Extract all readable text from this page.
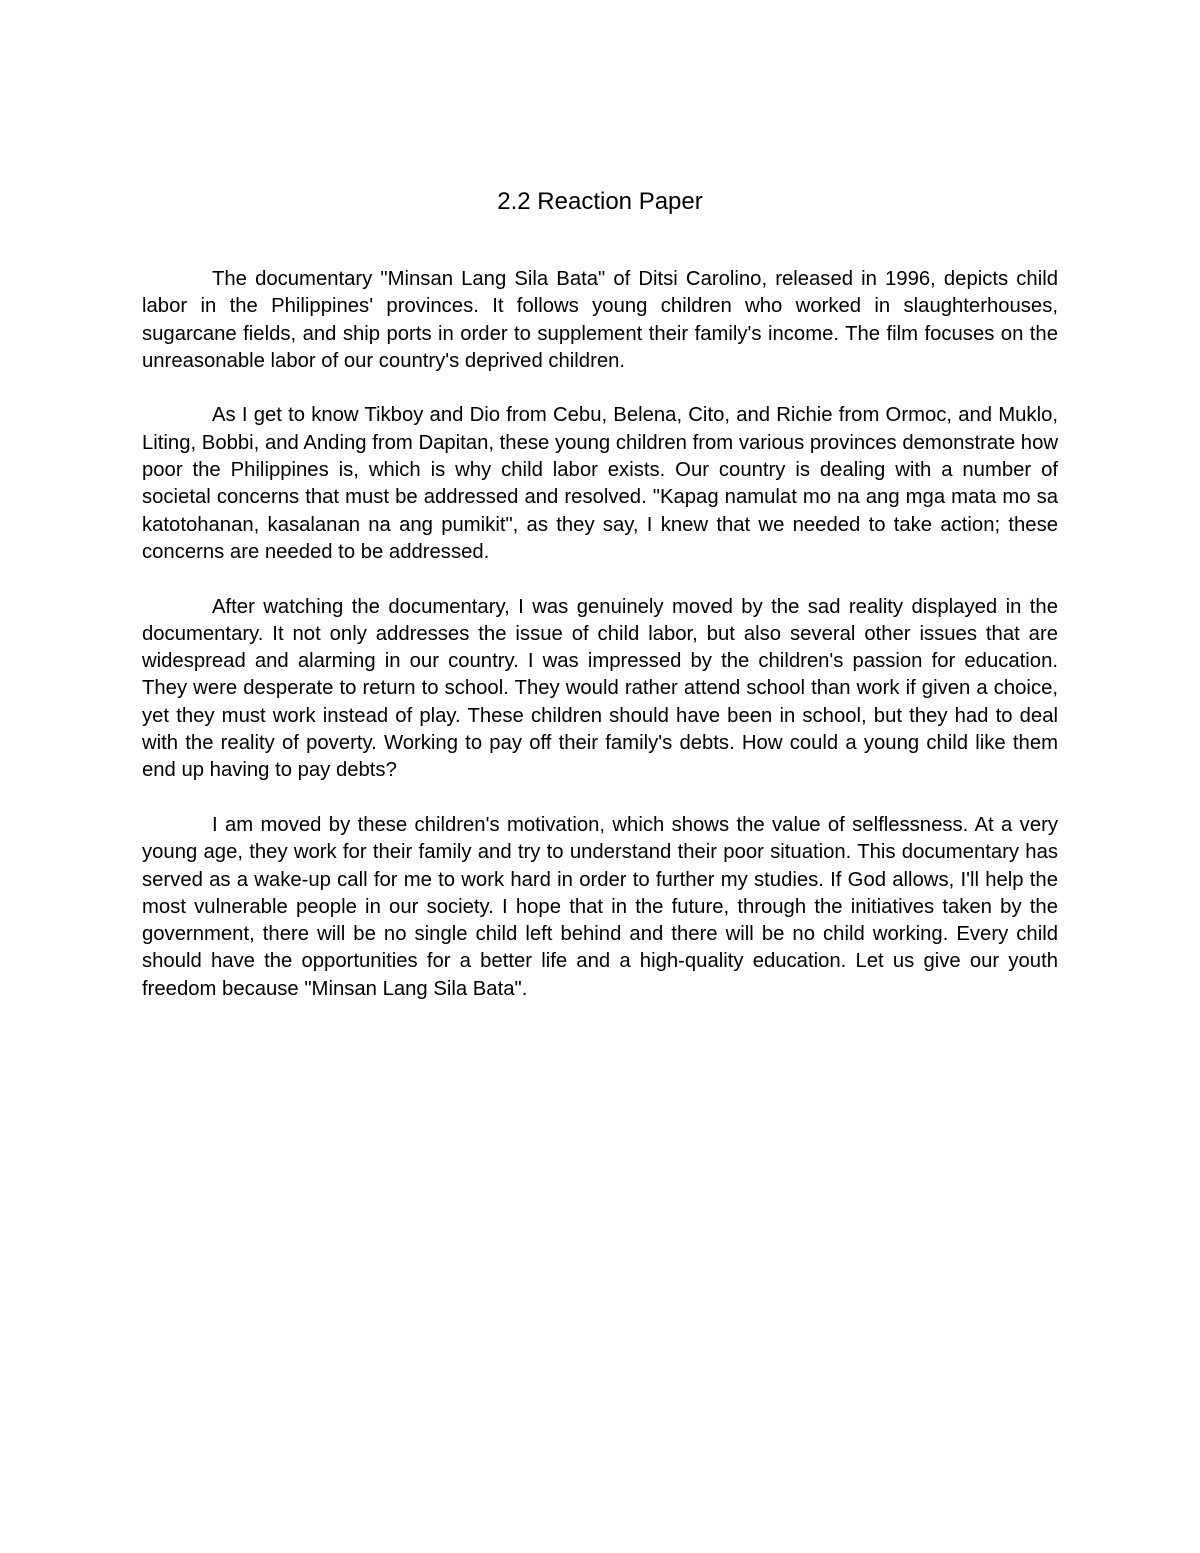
2.2 Reaction Paper

The documentary "Minsan Lang Sila Bata" of Ditsi Carolino, released in 1996, depicts child labor in the Philippines' provinces. It follows young children who worked in slaughterhouses, sugarcane fields, and ship ports in order to supplement their family's income. The film focuses on the unreasonable labor of our country's deprived children.

As I get to know Tikboy and Dio from Cebu, Belena, Cito, and Richie from Ormoc, and Muklo, Liting, Bobbi, and Anding from Dapitan, these young children from various provinces demonstrate how poor the Philippines is, which is why child labor exists. Our country is dealing with a number of societal concerns that must be addressed and resolved. "Kapag namulat mo na ang mga mata mo sa katotohanan, kasalanan na ang pumikit", as they say, I knew that we needed to take action; these concerns are needed to be addressed.

After watching the documentary, I was genuinely moved by the sad reality displayed in the documentary. It not only addresses the issue of child labor, but also several other issues that are widespread and alarming in our country. I was impressed by the children's passion for education. They were desperate to return to school. They would rather attend school than work if given a choice, yet they must work instead of play. These children should have been in school, but they had to deal with the reality of poverty. Working to pay off their family's debts. How could a young child like them end up having to pay debts?

I am moved by these children's motivation, which shows the value of selflessness. At a very young age, they work for their family and try to understand their poor situation. This documentary has served as a wake-up call for me to work hard in order to further my studies. If God allows, I'll help the most vulnerable people in our society. I hope that in the future, through the initiatives taken by the government, there will be no single child left behind and there will be no child working. Every child should have the opportunities for a better life and a high-quality education. Let us give our youth freedom because "Minsan Lang Sila Bata".
